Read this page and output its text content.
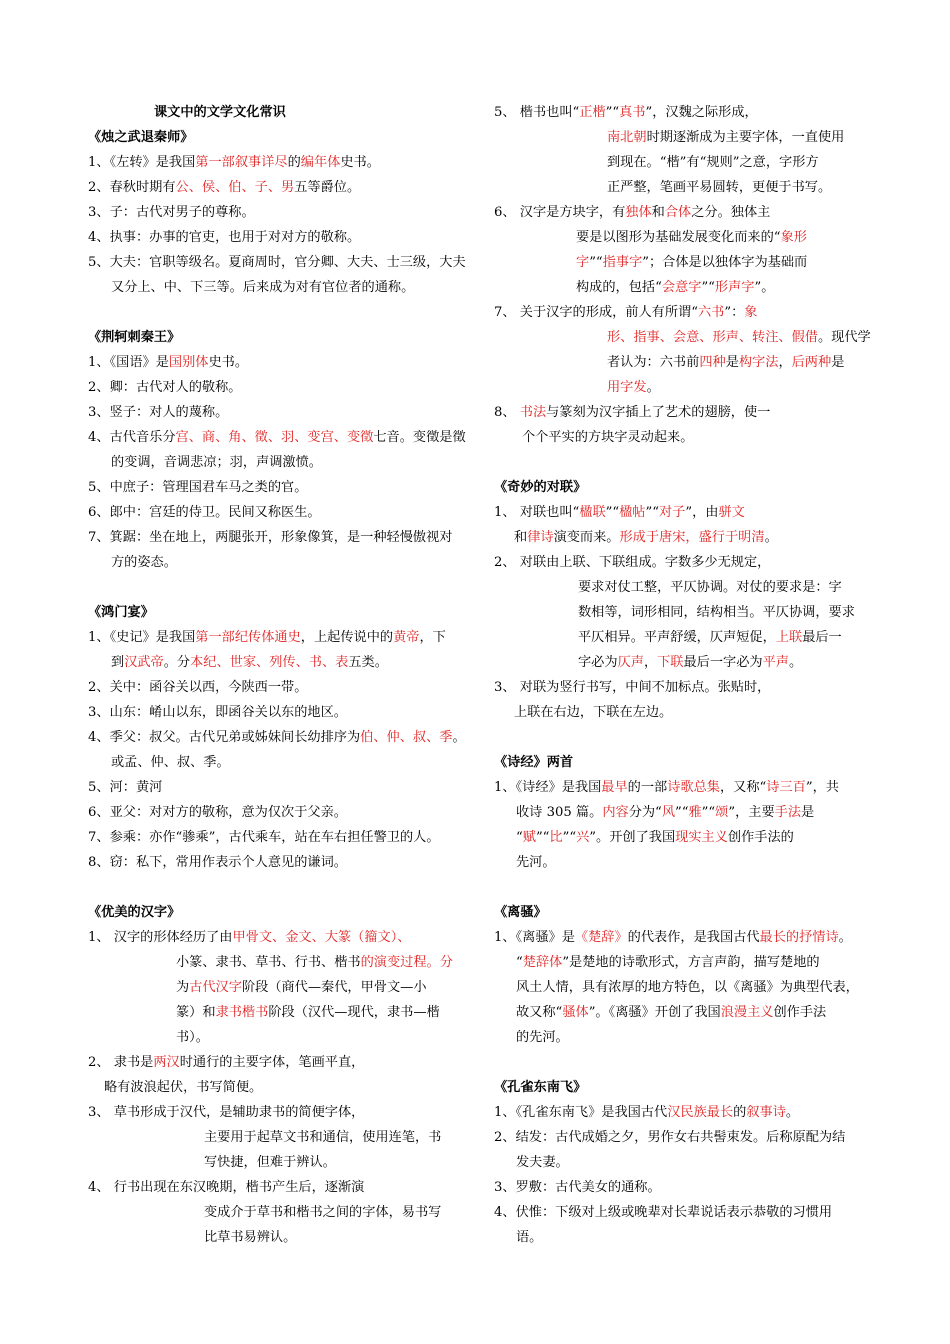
课文中的文学文化常识
《烛之武退秦师》
1、《左转》是我国第一部叙事详尽的编年体史书。
2、春秋时期有公、侯、伯、子、男五等爵位。
3、子：古代对男子的尊称。
4、执事：办事的官吏，也用于对对方的敬称。
5、大夫：官职等级名。夏商周时，官分卿、大夫、士三级，大夫
又分上、中、下三等。后来成为对有官位者的通称。
《荆轲刺秦王》
1、《国语》是国别体史书。
2、卿：古代对人的敬称。
3、竖子：对人的蔑称。
4、古代音乐分宫、商、角、徵、羽、变宫、变徵七音。变徵是徵
的变调，音调悲凉；羽，声调激愤。
5、中庶子：管理国君车马之类的官。
6、郎中：宫廷的侍卫。民间又称医生。
7、箕踞：坐在地上，两腿张开，形象像箕，是一种轻慢傲视对
方的姿态。
《鸿门宴》
1、《史记》是我国第一部纪传体通史，上起传说中的黄帝，下
到汉武帝。分本纪、世家、列传、书、表五类。
2、关中：函谷关以西，今陕西一带。
3、山东：崤山以东，即函谷关以东的地区。
4、季父：叔父。古代兄弟或姊妹间长幼排序为伯、仲、叔、季。
或孟、仲、叔、季。
5、河：黄河
6、亚父：对对方的敬称，意为仅次于父亲。
7、参乘：亦作“骖乘”，古代乘车，站在车右担任警卫的人。
8、窃：私下，常用作表示个人意见的谦词。
《优美的汉字》
1、 汉字的形体经历了由甲骨文、金文、大篆（籀文）、
小篆、隶书、草书、行书、楷书的演变过程。分
为古代汉字阶段（商代—秦代，甲骨文—小
篆）和隶书楷书阶段（汉代—现代，隶书—楷
书）。
2、 隶书是两汉时通行的主要字体，笔画平直，
略有波浪起伏，书写简便。
3、 草书形成于汉代，是辅助隶书的简便字体，
主要用于起草文书和通信，使用连笔，书
写快捷，但难于辨认。
4、 行书出现在东汉晚期，楷书产生后，逐渐演
变成介于草书和楷书之间的字体，易书写
比草书易辨认。
5、 楷书也叫“正楷”“真书”，汉魏之际形成，
南北朝时期逐渐成为主要字体，一直使用
到现在。“楷”有“规则”之意，字形方
正严整，笔画平易圆转，更便于书写。
6、 汉字是方块字，有独体和合体之分。独体主
要是以图形为基础发展变化而来的“象形
字”“指事字”；合体是以独体字为基础而
构成的，包括“会意字”“形声字”。
7、 关于汉字的形成，前人有所谓“六书”：象
形、指事、会意、形声、转注、假借。现代学
者认为：六书前四种是构字法，后两种是
用字发。
8、 书法与篆刻为汉字插上了艺术的翅膀，使一
个个平实的方块字灵动起来。
《奇妙的对联》
1、 对联也叫“楹联”“楹帖”“对子”，由骈文
和律诗演变而来。形成于唐宋，盛行于明清。
2、 对联由上联、下联组成。字数多少无规定，
要求对仗工整，平仄协调。对仗的要求是：字
数相等，词形相同，结构相当。平仄协调，要求
平仄相异。平声舒缓，仄声短促，上联最后一
字必为仄声，下联最后一字必为平声。
3、 对联为竖行书写，中间不加标点。张贴时，
上联在右边，下联在左边。
《诗经》两首
1、《诗经》是我国最早的一部诗歌总集，又称“诗三百”，共
收诗 305 篇。内容分为“风”“雅”“颂”，主要手法是
“赋”“比”“兴”。开创了我国现实主义创作手法的
先河。
《离骚》
1、《离骚》是《楚辞》的代表作，是我国古代最长的抒情诗。
“楚辞体”是楚地的诗歌形式，方言声韵，描写楚地的
风土人情，具有浓厚的地方特色，以《离骚》为典型代表，
故又称“骚体”。《离骚》开创了我国浪漫主义创作手法
的先河。
《孔雀东南飞》
1、《孔雀东南飞》是我国古代汉民族最长的叙事诗。
2、结发：古代成婚之夕，男作女右共髻束发。后称原配为结
发夫妻。
3、罗敷：古代美女的通称。
4、伏惟：下级对上级或晚辈对长辈说话表示恭敬的习惯用
语。
